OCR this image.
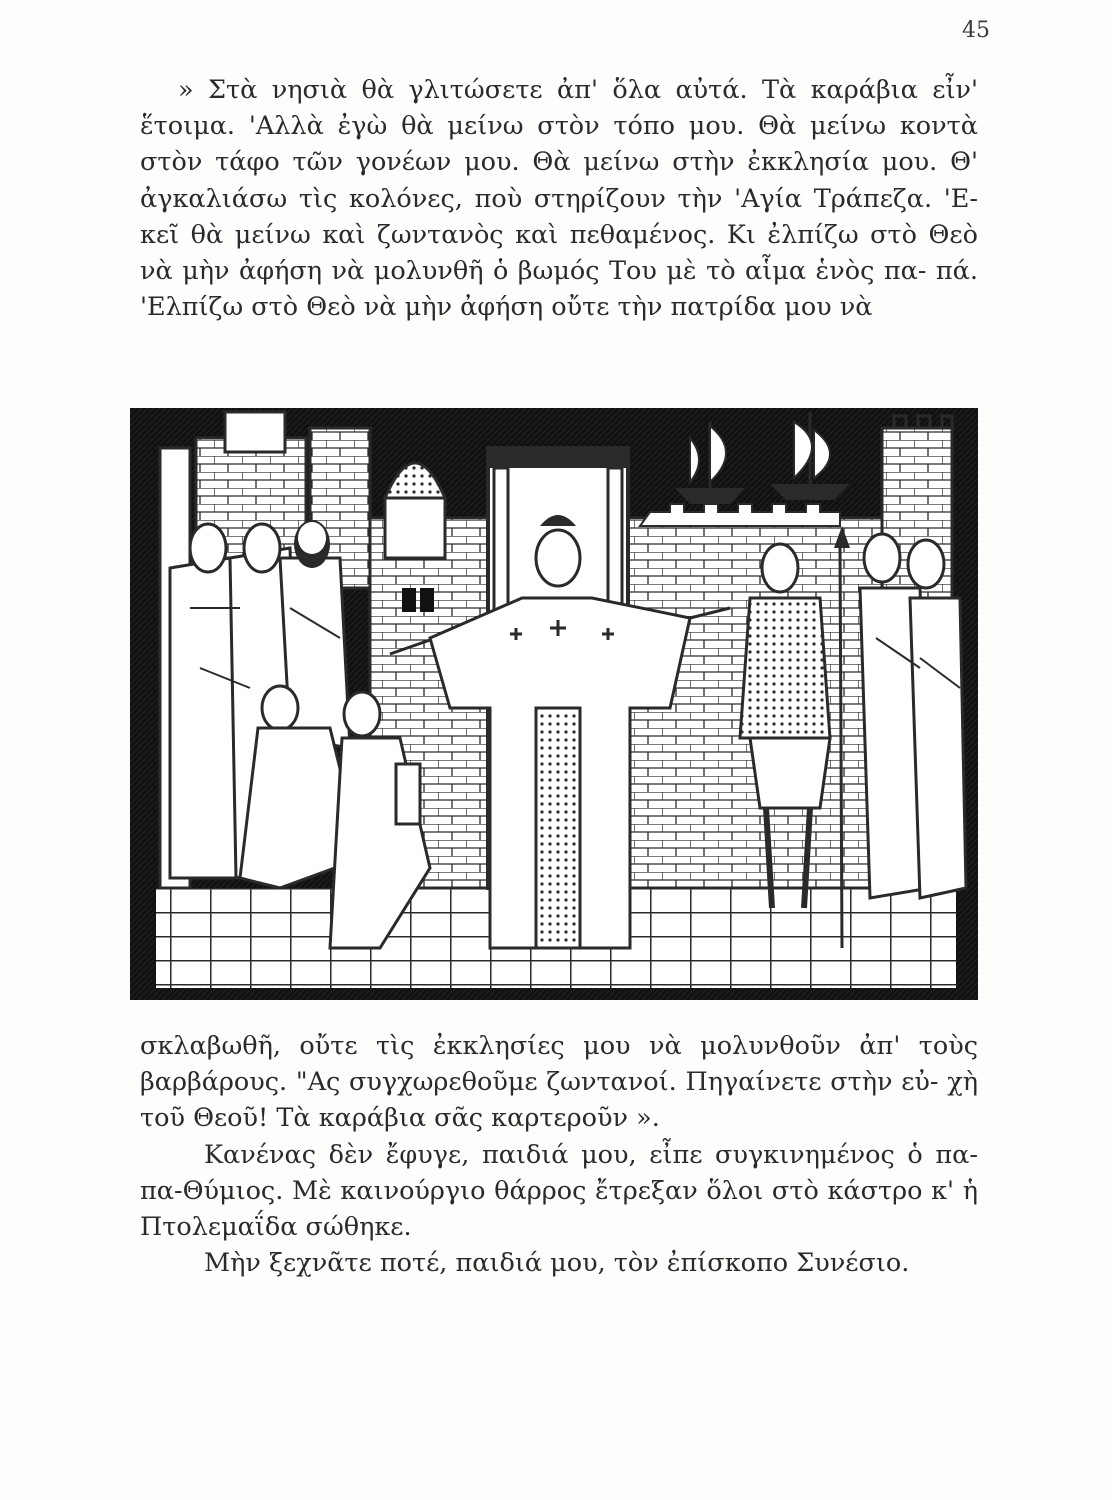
45

» Στὰ νησιὰ θὰ γλιτώσετε ἀπ' ὅλα αὐτά. Τὰ καράβια εἶν' ἕτοιμα. 'Αλλὰ ἐγὼ θὰ μείνω στὸν τόπο μου. Θὰ μείνω κοντὰ στὸν τάφο τῶν γονέων μου. Θὰ μείνω στὴν ἐκκλησία μου. Θ' ἀγκαλιάσω τὶς κολόνες, ποὺ στηρίζουν τὴν 'Αγία Τράπεζα. 'Ε- κεῖ θὰ μείνω καὶ ζωντανὸς καὶ πεθαμένος. Κι ἐλπίζω στὸ Θεὸ νὰ μὴν ἀφήση νὰ μολυνθῆ ὁ βωμός Του μὲ τὸ αἷμα ἑνὸς πα- πά. 'Ελπίζω στὸ Θεὸ νὰ μὴν ἀφήση οὔτε τὴν πατρίδα μου νὰ

σκλαβωθῆ, οὔτε τὶς ἐκκλησίες μου νὰ μολυνθοῦν ἀπ' τοὺς βαρβάρους. "Ας συγχωρεθοῦμε ζωντανοί. Πηγαίνετε στὴν εὐ- χὴ τοῦ Θεοῦ! Τὰ καράβια σᾶς καρτεροῦν ».

Κανένας δὲν ἔφυγε, παιδιά μου, εἶπε συγκινημένος ὁ πα- πα-Θύμιος. Μὲ καινούργιο θάρρος ἔτρεξαν ὅλοι στὸ κάστρο κ' ἡ Πτολεμαΐδα σώθηκε.

Μὴν ξεχνᾶτε ποτέ, παιδιά μου, τὸν ἐπίσκοπο Συνέσιο.
